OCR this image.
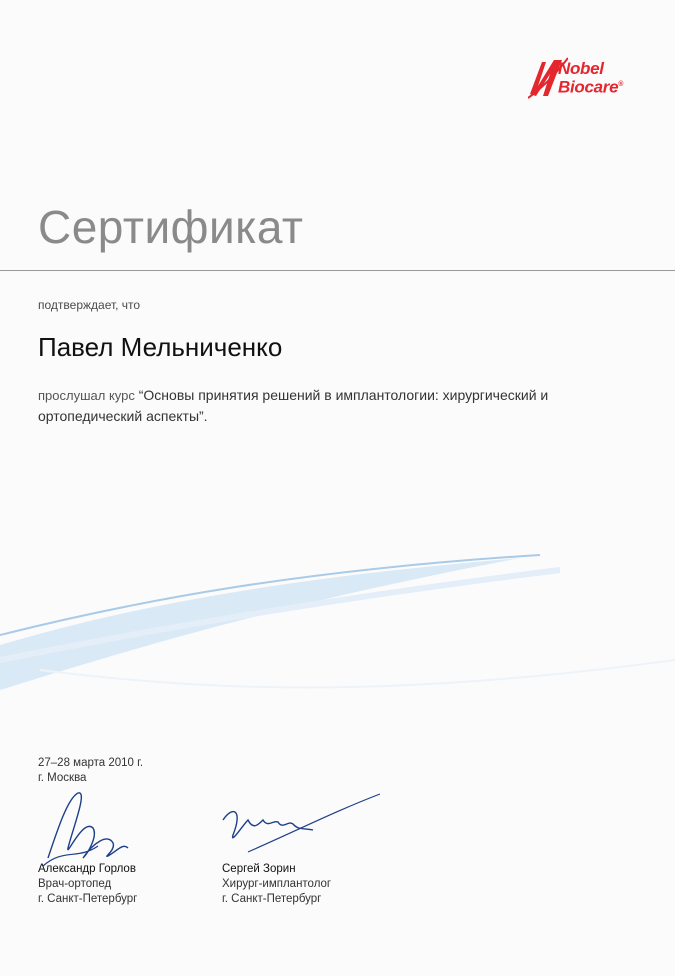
Nobel
Biocare®
Сертификат
подтверждает, что
Павел Мельниченко
прослушал курс “Основы принятия решений в имплантологии: хирургический и ортопедический аспекты”.
27–28 марта 2010 г.
г. Москва
Александр Горлов
Врач-ортопед
г. Санкт-Петербург
Сергей Зорин
Хирург-имплантолог
г. Санкт-Петербург
